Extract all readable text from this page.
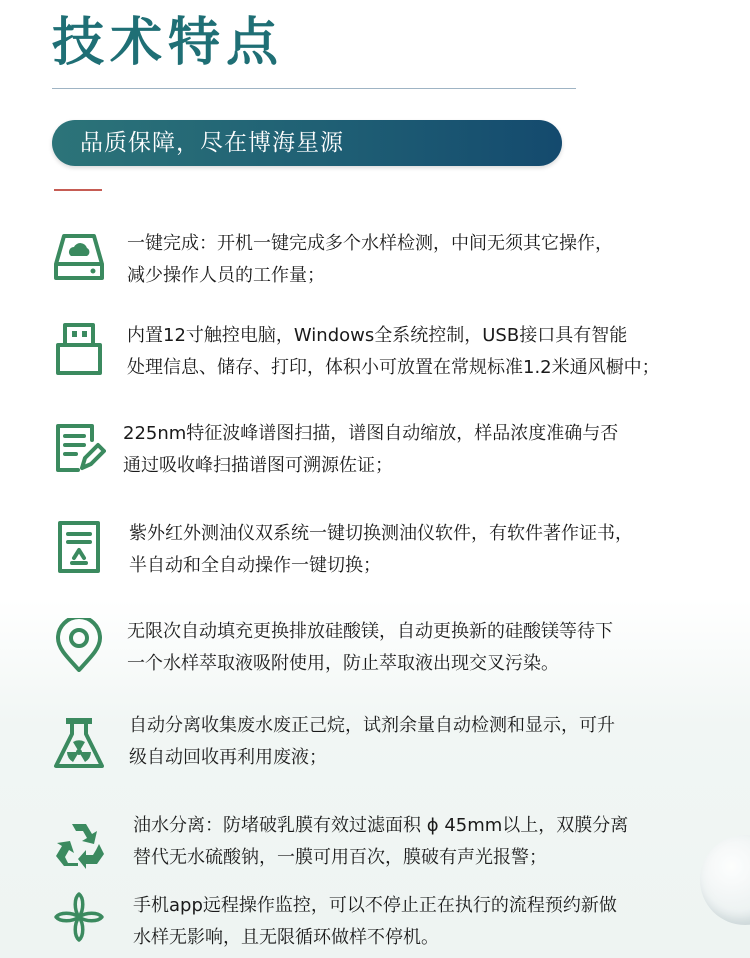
技术特点
品质保障，尽在博海星源
一键完成：开机一键完成多个水样检测，中间无须其它操作，
减少操作人员的工作量；
内置12寸触控电脑，Windows全系统控制，USB接口具有智能
处理信息、储存、打印，体积小可放置在常规标准1.2米通风橱中；
225nm特征波峰谱图扫描，谱图自动缩放，样品浓度准确与否
通过吸收峰扫描谱图可溯源佐证；
紫外红外测油仪双系统一键切换测油仪软件，有软件著作证书，
半自动和全自动操作一键切换；
无限次自动填充更换排放硅酸镁，自动更换新的硅酸镁等待下
一个水样萃取液吸附使用，防止萃取液出现交叉污染。
自动分离收集废水废正己烷，试剂余量自动检测和显示，可升
级自动回收再利用废液；
油水分离：防堵破乳膜有效过滤面积 ϕ 45mm以上，双膜分离
替代无水硫酸钠，一膜可用百次，膜破有声光报警；
手机app远程操作监控，可以不停止正在执行的流程预约新做
水样无影响，且无限循环做样不停机。
